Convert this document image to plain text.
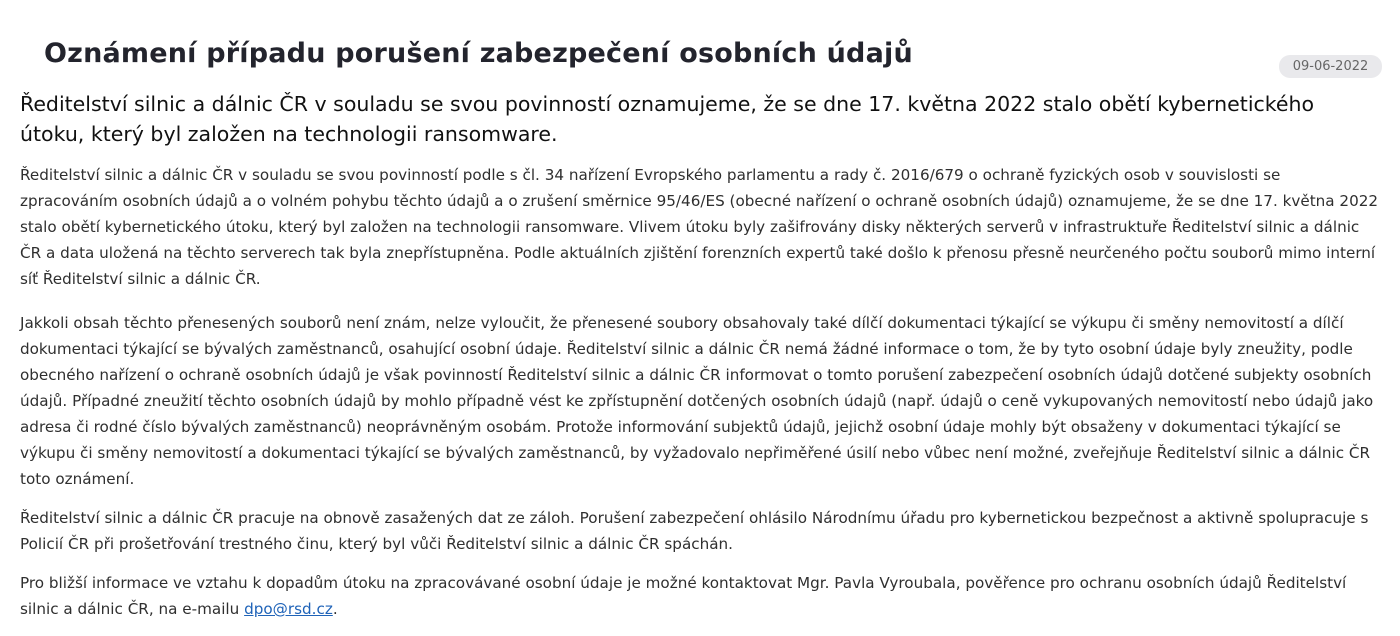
Oznámení případu porušení zabezpečení osobních údajů	09-06-2022

Ředitelství silnic a dálnic ČR v souladu se svou povinností oznamujeme, že se dne 17. května 2022 stalo obětí kybernetického útoku, který byl založen na technologii ransomware.

Ředitelství silnic a dálnic ČR v souladu se svou povinností podle s čl. 34 nařízení Evropského parlamentu a rady č. 2016/679 o ochraně fyzických osob v souvislosti se zpracováním osobních údajů a o volném pohybu těchto údajů a o zrušení směrnice 95/46/ES (obecné nařízení o ochraně osobních údajů) oznamujeme, že se dne 17. května 2022 stalo obětí kybernetického útoku, který byl založen na technologii ransomware. Vlivem útoku byly zašifrovány disky některých serverů v infrastruktuře Ředitelství silnic a dálnic ČR a data uložená na těchto serverech tak byla znepřístupněna. Podle aktuálních zjištění forenzních expertů také došlo k přenosu přesně neurčeného počtu souborů mimo interní síť Ředitelství silnic a dálnic ČR.

Jakkoli obsah těchto přenesených souborů není znám, nelze vyloučit, že přenesené soubory obsahovaly také dílčí dokumentaci týkající se výkupu či směny nemovitostí a dílčí dokumentaci týkající se bývalých zaměstnanců, osahující osobní údaje. Ředitelství silnic a dálnic ČR nemá žádné informace o tom, že by tyto osobní údaje byly zneužity, podle obecného nařízení o ochraně osobních údajů je však povinností Ředitelství silnic a dálnic ČR informovat o tomto porušení zabezpečení osobních údajů dotčené subjekty osobních údajů. Případné zneužití těchto osobních údajů by mohlo případně vést ke zpřístupnění dotčených osobních údajů (např. údajů o ceně vykupovaných nemovitostí nebo údajů jako adresa či rodné číslo bývalých zaměstnanců) neoprávněným osobám. Protože informování subjektů údajů, jejichž osobní údaje mohly být obsaženy v dokumentaci týkající se výkupu či směny nemovitostí a dokumentaci týkající se bývalých zaměstnanců, by vyžadovalo nepřiměřené úsilí nebo vůbec není možné, zveřejňuje Ředitelství silnic a dálnic ČR toto oznámení.

Ředitelství silnic a dálnic ČR pracuje na obnově zasažených dat ze záloh. Porušení zabezpečení ohlásilo Národnímu úřadu pro kybernetickou bezpečnost a aktivně spolupracuje s Policií ČR při prošetřování trestného činu, který byl vůči Ředitelství silnic a dálnic ČR spáchán.

Pro bližší informace ve vztahu k dopadům útoku na zpracovávané osobní údaje je možné kontaktovat Mgr. Pavla Vyroubala, pověřence pro ochranu osobních údajů Ředitelství silnic a dálnic ČR, na e-mailu dpo@rsd.cz.
